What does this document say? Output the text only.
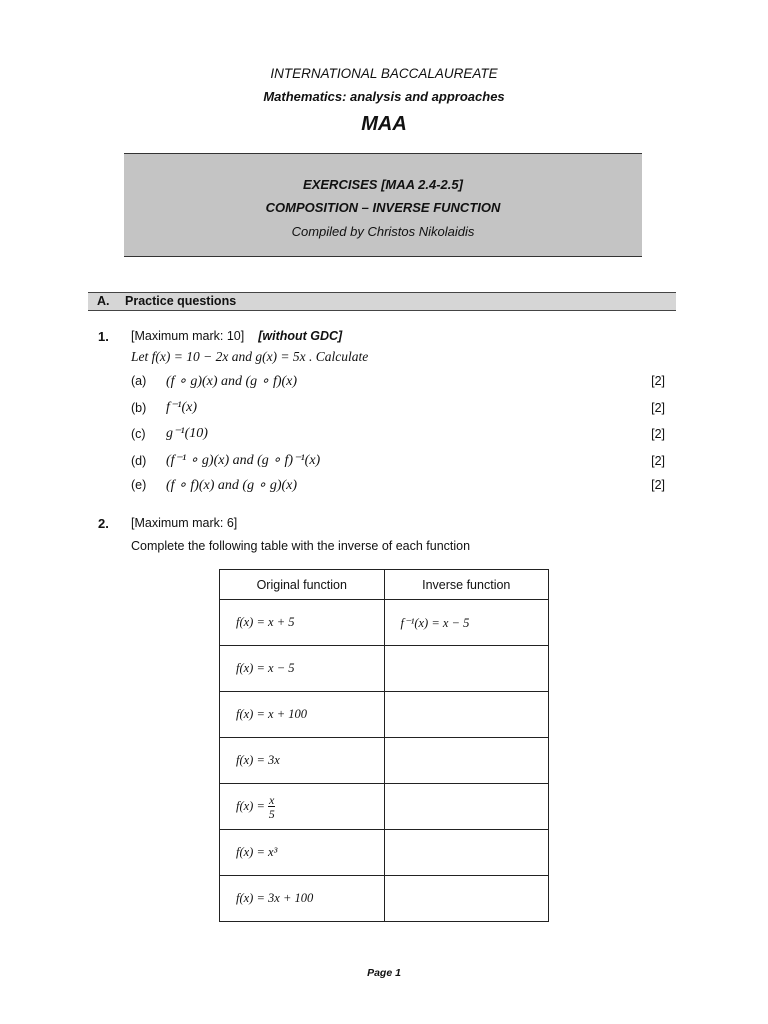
INTERNATIONAL BACCALAUREATE
Mathematics: analysis and approaches
MAA
EXERCISES [MAA 2.4-2.5]
COMPOSITION – INVERSE FUNCTION
Compiled by Christos Nikolaidis
A. Practice questions
1. [Maximum mark: 10] [without GDC]
Let f(x) = 10 − 2x and g(x) = 5x . Calculate
(a) (f ∘ g)(x) and (g ∘ f)(x)	[2]
(b) f⁻¹(x)	[2]
(c) g⁻¹(10)	[2]
(d) (f⁻¹ ∘ g)(x) and (g ∘ f)⁻¹(x)	[2]
(e) (f ∘ f)(x) and (g ∘ g)(x)	[2]
2. [Maximum mark: 6]
Complete the following table with the inverse of each function
Original function	Inverse function
f(x) = x + 5	f⁻¹(x) = x − 5
f(x) = x − 5	
f(x) = x + 100	
f(x) = 3x	
$f(x) = \frac{x}{5}$

f(x) = x³	
f(x) = 3x + 100	
Page 1
